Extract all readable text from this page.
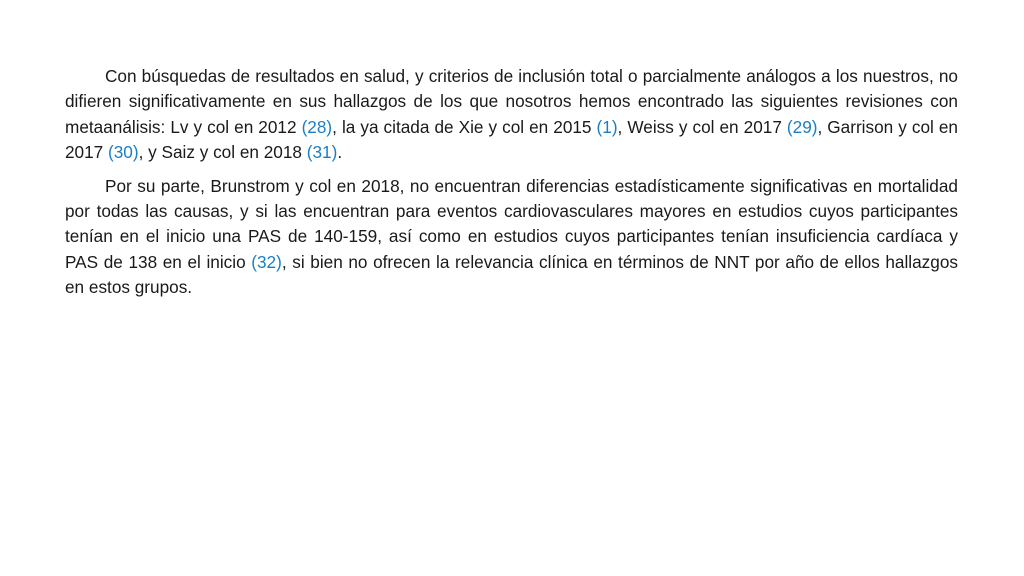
Con búsquedas de resultados en salud, y criterios de inclusión total o parcialmente análogos a los nuestros, no difieren significativamente en sus hallazgos de los que nosotros hemos encontrado las siguientes revisiones con metaanálisis: Lv y col en 2012 (28), la ya citada de Xie y col en 2015 (1), Weiss y col en 2017 (29), Garrison y col en 2017 (30), y Saiz y col en 2018 (31).

Por su parte, Brunstrom y col en 2018, no encuentran diferencias estadísticamente significativas en mortalidad por todas las causas, y si las encuentran para eventos cardiovasculares mayores en estudios cuyos participantes tenían en el inicio una PAS de 140-159, así como en estudios cuyos participantes tenían insuficiencia cardíaca y PAS de 138 en el inicio (32), si bien no ofrecen la relevancia clínica en términos de NNT por año de ellos hallazgos en estos grupos.
